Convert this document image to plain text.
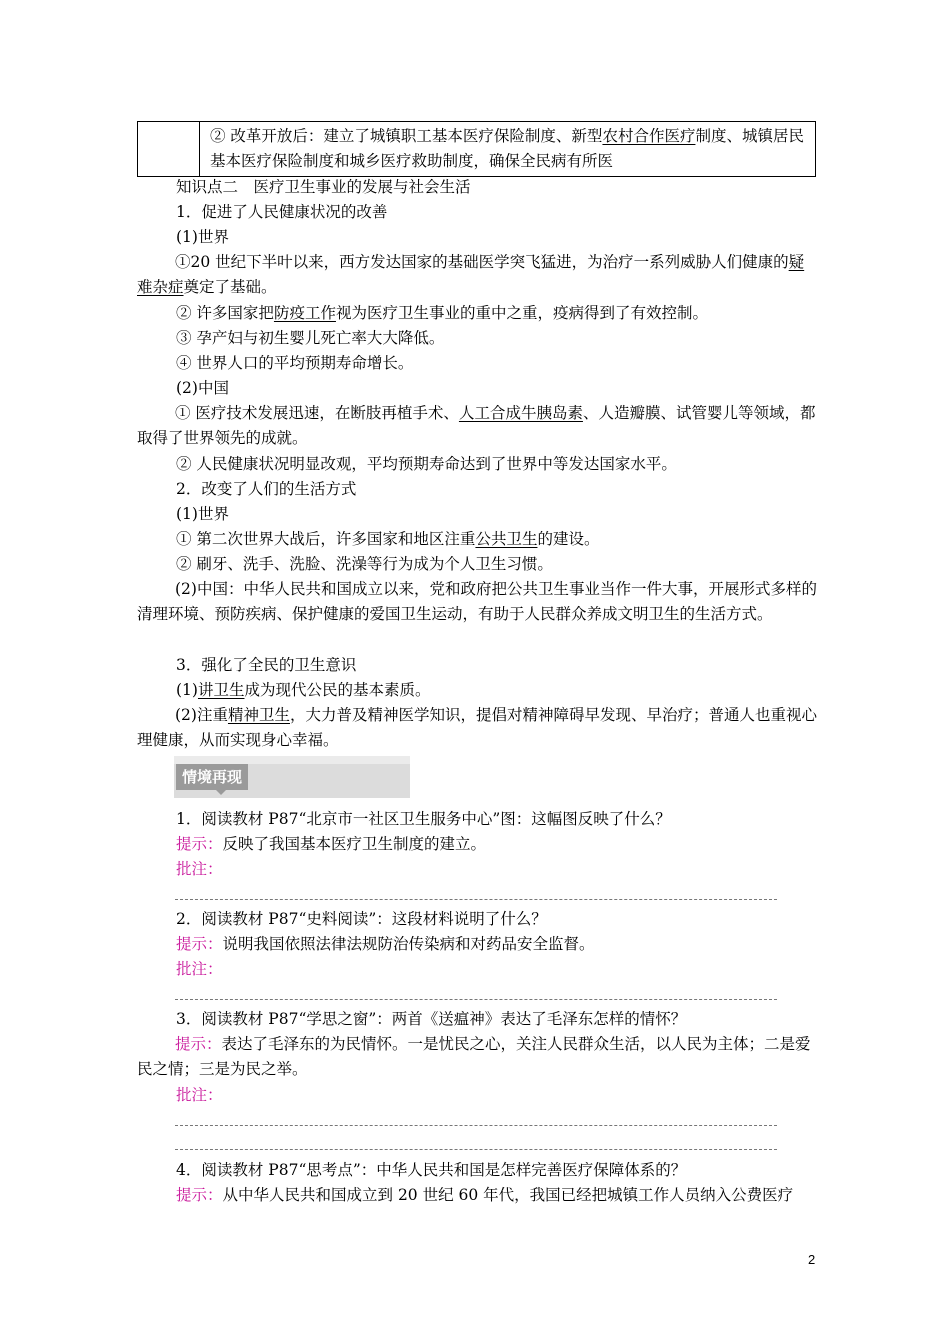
② 改革开放后：建立了城镇职工基本医疗保险制度、新型农村合作医疗制度、城镇居民基本医疗保险制度和城乡医疗救助制度，确保全民病有所医
知识点二　医疗卫生事业的发展与社会生活
1．促进了人民健康状况的改善
(1)世界
①20 世纪下半叶以来，西方发达国家的基础医学突飞猛进，为治疗一系列威胁人们健康的疑难杂症奠定了基础。
② 许多国家把防疫工作视为医疗卫生事业的重中之重，疫病得到了有效控制。
③ 孕产妇与初生婴儿死亡率大大降低。
④ 世界人口的平均预期寿命增长。
(2)中国
① 医疗技术发展迅速，在断肢再植手术、人工合成牛胰岛素、人造瓣膜、试管婴儿等领域，都取得了世界领先的成就。
② 人民健康状况明显改观，平均预期寿命达到了世界中等发达国家水平。
2．改变了人们的生活方式
(1)世界
① 第二次世界大战后，许多国家和地区注重公共卫生的建设。
② 刷牙、洗手、洗脸、洗澡等行为成为个人卫生习惯。
(2)中国：中华人民共和国成立以来，党和政府把公共卫生事业当作一件大事，开展形式多样的清理环境、预防疾病、保护健康的爱国卫生运动，有助于人民群众养成文明卫生的生活方式。
3．强化了全民的卫生意识
(1)讲卫生成为现代公民的基本素质。
(2)注重精神卫生，大力普及精神医学知识，提倡对精神障碍早发现、早治疗；普通人也重视心理健康，从而实现身心幸福。
情境再现
1．阅读教材 P87“北京市一社区卫生服务中心”图：这幅图反映了什么？
提示：反映了我国基本医疗卫生制度的建立。
批注：
2．阅读教材 P87“史料阅读”：这段材料说明了什么？
提示：说明我国依照法律法规防治传染病和对药品安全监督。
批注：
3．阅读教材 P87“学思之窗”：两首《送瘟神》表达了毛泽东怎样的情怀？
提示：表达了毛泽东的为民情怀。一是忧民之心，关注人民群众生活，以人民为主体；二是爱民之情；三是为民之举。
批注：
4．阅读教材 P87“思考点”：中华人民共和国是怎样完善医疗保障体系的？
提示：从中华人民共和国成立到 20 世纪 60 年代，我国已经把城镇工作人员纳入公费医疗
2
